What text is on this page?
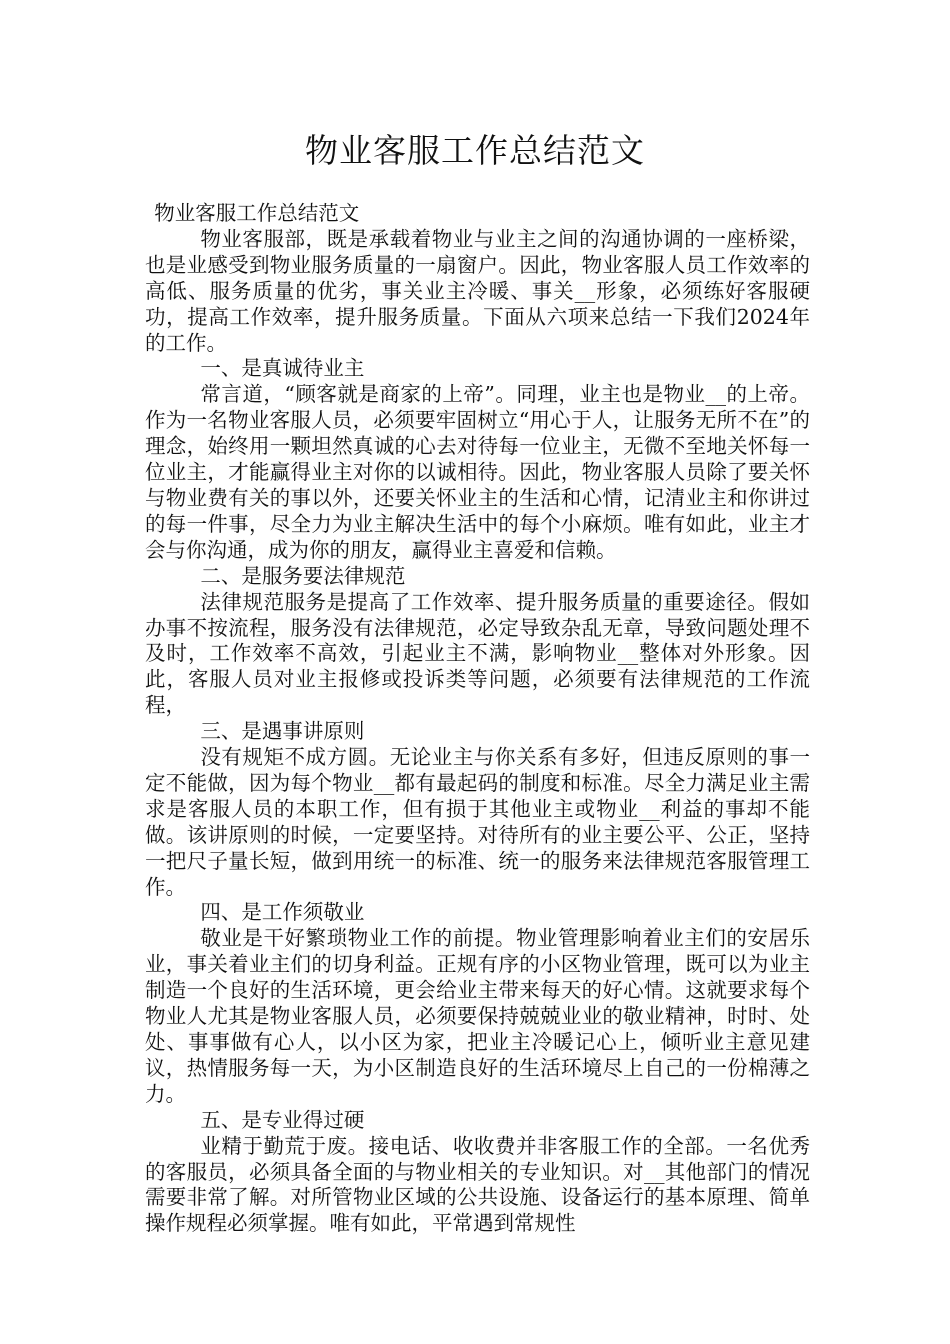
物业客服工作总结范文

物业客服工作总结范文

物业客服部，既是承载着物业与业主之间的沟通协调的一座桥梁，也是业感受到物业服务质量的一扇窗户。因此，物业客服人员工作效率的高低、服务质量的优劣，事关业主冷暖、事关__形象，必须练好客服硬功，提高工作效率，提升服务质量。下面从六项来总结一下我们2024年的工作。

一、是真诚待业主

常言道，“顾客就是商家的上帝”。同理，业主也是物业__的上帝。作为一名物业客服人员，必须要牢固树立“用心于人，让服务无所不在”的理念，始终用一颗坦然真诚的心去对待每一位业主，无微不至地关怀每一位业主，才能赢得业主对你的以诚相待。因此，物业客服人员除了要关怀与物业费有关的事以外，还要关怀业主的生活和心情，记清业主和你讲过的每一件事，尽全力为业主解决生活中的每个小麻烦。唯有如此，业主才会与你沟通，成为你的朋友，赢得业主喜爱和信赖。

二、是服务要法律规范

法律规范服务是提高了工作效率、提升服务质量的重要途径。假如办事不按流程，服务没有法律规范，必定导致杂乱无章，导致问题处理不及时，工作效率不高效，引起业主不满，影响物业__整体对外形象。因此，客服人员对业主报修或投诉类等问题，必须要有法律规范的工作流程，

三、是遇事讲原则

没有规矩不成方圆。无论业主与你关系有多好，但违反原则的事一定不能做，因为每个物业__都有最起码的制度和标准。尽全力满足业主需求是客服人员的本职工作，但有损于其他业主或物业__利益的事却不能做。该讲原则的时候，一定要坚持。对待所有的业主要公平、公正，坚持一把尺子量长短，做到用统一的标准、统一的服务来法律规范客服管理工作。

四、是工作须敬业

敬业是干好繁琐物业工作的前提。物业管理影响着业主们的安居乐业，事关着业主们的切身利益。正规有序的小区物业管理，既可以为业主制造一个良好的生活环境，更会给业主带来每天的好心情。这就要求每个物业人尤其是物业客服人员，必须要保持兢兢业业的敬业精神，时时、处处、事事做有心人，以小区为家，把业主冷暖记心上，倾听业主意见建议，热情服务每一天，为小区制造良好的生活环境尽上自己的一份棉薄之力。

五、是专业得过硬

业精于勤荒于废。接电话、收收费并非客服工作的全部。一名优秀的客服员，必须具备全面的与物业相关的专业知识。对__其他部门的情况需要非常了解。对所管物业区域的公共设施、设备运行的基本原理、简单操作规程必须掌握。唯有如此，平常遇到常规性
